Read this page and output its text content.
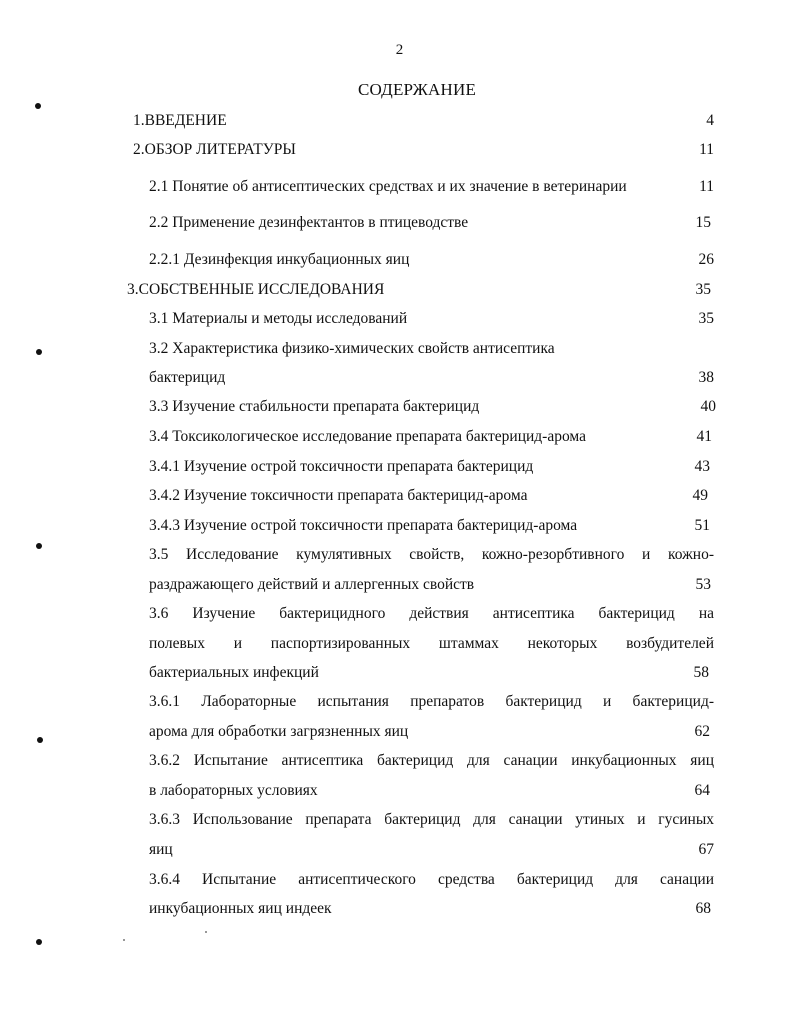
2
СОДЕРЖАНИЕ
1.ВВЕДЕНИЕ	4
2.ОБЗОР ЛИТЕРАТУРЫ	11
2.1 Понятие об антисептических средствах и их значение в ветеринарии	11
2.2 Применение дезинфектантов в птицеводстве	15
2.2.1 Дезинфекция инкубационных яиц	26
3.СОБСТВЕННЫЕ ИССЛЕДОВАНИЯ	35
3.1 Материалы и методы исследований	35
3.2 Характеристика физико-химических свойств антисептика
бактерицид	38
3.3 Изучение стабильности препарата бактерицид	40
3.4 Токсикологическое исследование препарата бактерицид-арома	41
3.4.1 Изучение острой токсичности препарата бактерицид	43
3.4.2 Изучение токсичности препарата бактерицид-арома	49
3.4.3 Изучение острой токсичности препарата бактерицид-арома	51
3.5 Исследование кумулятивных свойств, кожно-резорбтивного и кожно-
раздражающего действий и аллергенных свойств	53
3.6 Изучение бактерицидного действия антисептика бактерицид на
полевых и паспортизированных штаммах некоторых возбудителей
бактериальных инфекций	58
3.6.1 Лабораторные испытания препаратов бактерицид и бактерицид-
арома для обработки загрязненных яиц	62
3.6.2 Испытание антисептика бактерицид для санации инкубационных яиц
в лабораторных условиях	64
3.6.3 Использование препарата бактерицид для санации утиных и гусиных
яиц	67
3.6.4 Испытание антисептического средства бактерицид для санации
инкубационных яиц индеек	68
